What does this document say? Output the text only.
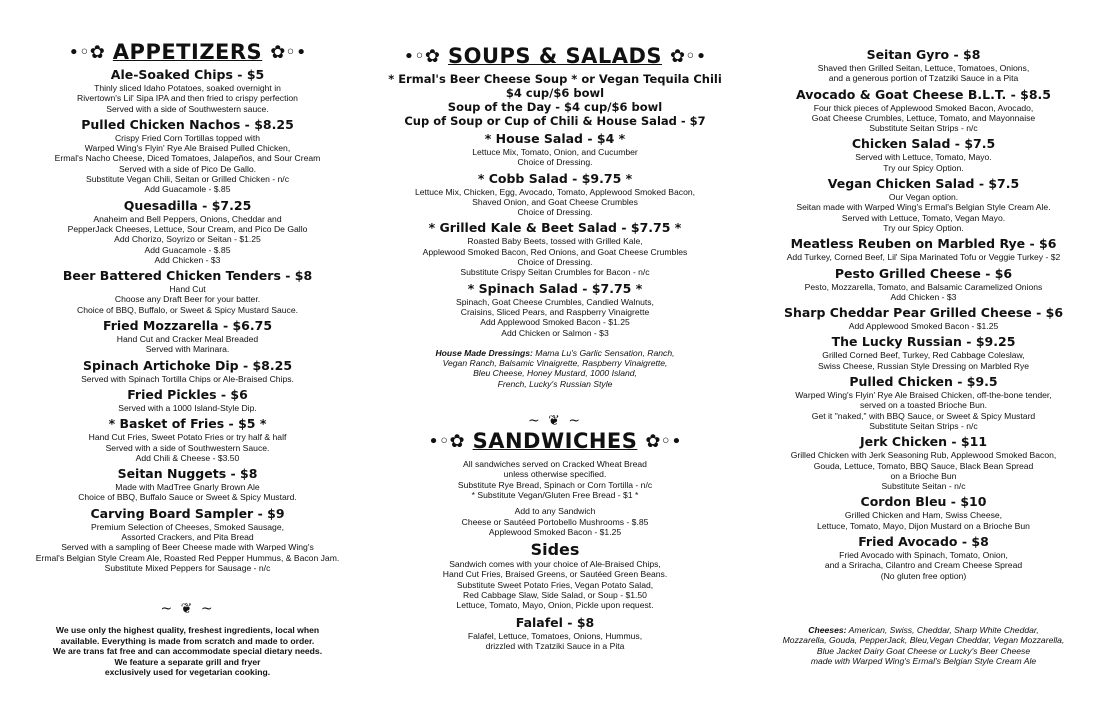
•◦✿ APPETIZERS ✿◦•
Ale-Soaked Chips - $5
Thinly sliced Idaho Potatoes, soaked overnight in
Rivertown's Lil' Sipa IPA and then fried to crispy perfection
Served with a side of Southwestern sauce.
Pulled Chicken Nachos - $8.25
Crispy Fried Corn Tortillas topped with
Warped Wing's Flyin' Rye Ale Braised Pulled Chicken,
Ermal's Nacho Cheese, Diced Tomatoes, Jalapeños, and Sour Cream
Served with a side of Pico De Gallo.
Substitute Vegan Chili, Seitan or Grilled Chicken - n/c
Add Guacamole - $.85
Quesadilla - $7.25
Anaheim and Bell Peppers, Onions, Cheddar and
PepperJack Cheeses, Lettuce, Sour Cream, and Pico De Gallo
Add Chorizo, Soyrizo or Seitan - $1.25
Add Guacamole - $.85
Add Chicken - $3
Beer Battered Chicken Tenders - $8
Hand Cut
Choose any Draft Beer for your batter.
Choice of BBQ, Buffalo, or Sweet & Spicy Mustard Sauce.
Fried Mozzarella - $6.75
Hand Cut and Cracker Meal Breaded
Served with Marinara.
Spinach Artichoke Dip - $8.25
Served with Spinach Tortilla Chips or Ale-Braised Chips.
Fried Pickles - $6
Served with a 1000 Island-Style Dip.
* Basket of Fries - $5 *
Hand Cut Fries, Sweet Potato Fries or try half & half
Served with a side of Southwestern Sauce.
Add Chili & Cheese - $3.50
Seitan Nuggets - $8
Made with MadTree Gnarly Brown Ale
Choice of BBQ, Buffalo Sauce or Sweet & Spicy Mustard.
Carving Board Sampler - $9
Premium Selection of Cheeses, Smoked Sausage,
Assorted Crackers, and Pita Bread
Served with a sampling of Beer Cheese made with Warped Wing's
Ermal's Belgian Style Cream Ale, Roasted Red Pepper Hummus, & Bacon Jam.
Substitute Mixed Peppers for Sausage - n/c
~ ❦ ~
We use only the highest quality, freshest ingredients, local when
available. Everything is made from scratch and made to order.
We are trans fat free and can accommodate special dietary needs.
We feature a separate grill and fryer
exclusively used for vegetarian cooking.
•◦✿ SOUPS & SALADS ✿◦•
* Ermal's Beer Cheese Soup * or Vegan Tequila Chili
$4 cup/$6 bowl
Soup of the Day - $4 cup/$6 bowl
Cup of Soup or Cup of Chili & House Salad - $7
* House Salad - $4 *
Lettuce Mix, Tomato, Onion, and Cucumber
Choice of Dressing.
* Cobb Salad - $9.75 *
Lettuce Mix, Chicken, Egg, Avocado, Tomato, Applewood Smoked Bacon,
Shaved Onion, and Goat Cheese Crumbles
Choice of Dressing.
* Grilled Kale & Beet Salad - $7.75 *
Roasted Baby Beets, tossed with Grilled Kale,
Applewood Smoked Bacon, Red Onions, and Goat Cheese Crumbles
Choice of Dressing.
Substitute Crispy Seitan Crumbles for Bacon - n/c
* Spinach Salad - $7.75 *
Spinach, Goat Cheese Crumbles, Candied Walnuts,
Craisins, Sliced Pears, and Raspberry Vinaigrette
Add Applewood Smoked Bacon - $1.25
Add Chicken or Salmon - $3
House Made Dressings: Mama Lu's Garlic Sensation, Ranch,
Vegan Ranch, Balsamic Vinaigrette, Raspberry Vinaigrette,
Bleu Cheese, Honey Mustard, 1000 Island,
French, Lucky's Russian Style
~ ❦ ~
•◦✿ SANDWICHES ✿◦•
All sandwiches served on Cracked Wheat Bread
unless otherwise specified.
Substitute Rye Bread, Spinach or Corn Tortilla - n/c
* Substitute Vegan/Gluten Free Bread - $1 *
Add to any Sandwich
Cheese or Sautéed Portobello Mushrooms - $.85
Applewood Smoked Bacon - $1.25
Sides
Sandwich comes with your choice of Ale-Braised Chips,
Hand Cut Fries, Braised Greens, or Sautéed Green Beans.
Substitute Sweet Potato Fries, Vegan Potato Salad,
Red Cabbage Slaw, Side Salad, or Soup - $1.50
Lettuce, Tomato, Mayo, Onion, Pickle upon request.
Falafel - $8
Falafel, Lettuce, Tomatoes, Onions, Hummus,
drizzled with Tzatziki Sauce in a Pita
Seitan Gyro - $8
Shaved then Grilled Seitan, Lettuce, Tomatoes, Onions,
and a generous portion of Tzatziki Sauce in a Pita
Avocado & Goat Cheese B.L.T. - $8.5
Four thick pieces of Applewood Smoked Bacon, Avocado,
Goat Cheese Crumbles, Lettuce, Tomato, and Mayonnaise
Substitute Seitan Strips - n/c
Chicken Salad - $7.5
Served with Lettuce, Tomato, Mayo.
Try our Spicy Option.
Vegan Chicken Salad - $7.5
Our Vegan option.
Seitan made with Warped Wing's Ermal's Belgian Style Cream Ale.
Served with Lettuce, Tomato, Vegan Mayo.
Try our Spicy Option.
Meatless Reuben on Marbled Rye - $6
Add Turkey, Corned Beef, Lil' Sipa Marinated Tofu or Veggie Turkey - $2
Pesto Grilled Cheese - $6
Pesto, Mozzarella, Tomato, and Balsamic Caramelized Onions
Add Chicken - $3
Sharp Cheddar Pear Grilled Cheese - $6
Add Applewood Smoked Bacon - $1.25
The Lucky Russian - $9.25
Grilled Corned Beef, Turkey, Red Cabbage Coleslaw,
Swiss Cheese, Russian Style Dressing on Marbled Rye
Pulled Chicken - $9.5
Warped Wing's Flyin' Rye Ale Braised Chicken, off-the-bone tender,
served on a toasted Brioche Bun.
Get it "naked," with BBQ Sauce, or Sweet & Spicy Mustard
Substitute Seitan Strips - n/c
Jerk Chicken - $11
Grilled Chicken with Jerk Seasoning Rub, Applewood Smoked Bacon,
Gouda, Lettuce, Tomato, BBQ Sauce, Black Bean Spread
on a Brioche Bun
Substitute Seitan - n/c
Cordon Bleu - $10
Grilled Chicken and Ham, Swiss Cheese,
Lettuce, Tomato, Mayo, Dijon Mustard on a Brioche Bun
Fried Avocado - $8
Fried Avocado with Spinach, Tomato, Onion,
and a Sriracha, Cilantro and Cream Cheese Spread
(No gluten free option)
Cheeses: American, Swiss, Cheddar, Sharp White Cheddar,
Mozzarella, Gouda, PepperJack, Bleu,Vegan Cheddar, Vegan Mozzarella,
Blue Jacket Dairy Goat Cheese or Lucky's Beer Cheese
made with Warped Wing's Ermal's Belgian Style Cream Ale
